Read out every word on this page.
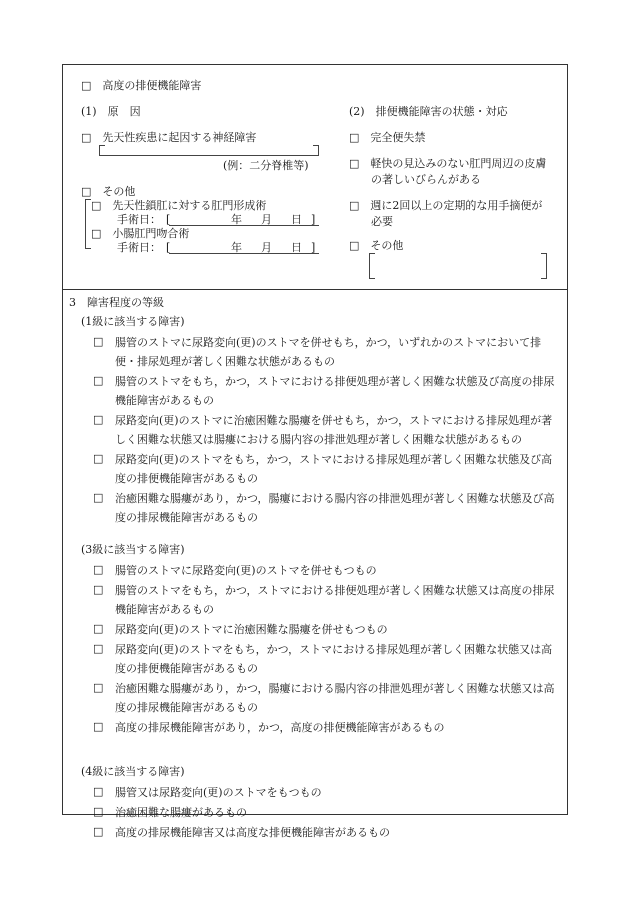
□　高度の排便機能障害
(1)　原　因	(2)　排便機能障害の状態・対応
□　先天性疾患に起因する神経障害
(例：二分脊椎等)
□　その他
□　先天性鎖肛に対する肛門形成術
手術日： [	年 月 日 ]
□　小腸肛門吻合術
手術日： [	年 月 日 ]
□　完全便失禁
□　軽快の見込みのない肛門周辺の皮膚
の著しいびらんがある
□　週に2回以上の定期的な用手摘便が
必要
□　その他
3　障害程度の等級
(1級に該当する障害)
□	腸管のストマに尿路変向(更)のストマを併せもち，かつ，いずれかのストマにおいて排便・排尿処理が著しく困難な状態があるもの
□	腸管のストマをもち，かつ，ストマにおける排便処理が著しく困難な状態及び高度の排尿機能障害があるもの
□	尿路変向(更)のストマに治癒困難な腸瘻を併せもち，かつ，ストマにおける排尿処理が著しく困難な状態又は腸瘻における腸内容の排泄処理が著しく困難な状態があるもの
□	尿路変向(更)のストマをもち，かつ，ストマにおける排尿処理が著しく困難な状態及び高度の排便機能障害があるもの
□	治癒困難な腸瘻があり，かつ，腸瘻における腸内容の排泄処理が著しく困難な状態及び高度の排尿機能障害があるもの
(3級に該当する障害)
□	腸管のストマに尿路変向(更)のストマを併せもつもの
□	腸管のストマをもち，かつ，ストマにおける排便処理が著しく困難な状態又は高度の排尿機能障害があるもの
□	尿路変向(更)のストマに治癒困難な腸瘻を併せもつもの
□	尿路変向(更)のストマをもち，かつ，ストマにおける排尿処理が著しく困難な状態又は高度の排便機能障害があるもの
□	治癒困難な腸瘻があり，かつ，腸瘻における腸内容の排泄処理が著しく困難な状態又は高度の排尿機能障害があるもの
□	高度の排尿機能障害があり，かつ，高度の排便機能障害があるもの
(4級に該当する障害)
□	腸管又は尿路変向(更)のストマをもつもの
□	治癒困難な腸瘻があるもの
□	高度の排尿機能障害又は高度な排便機能障害があるもの
